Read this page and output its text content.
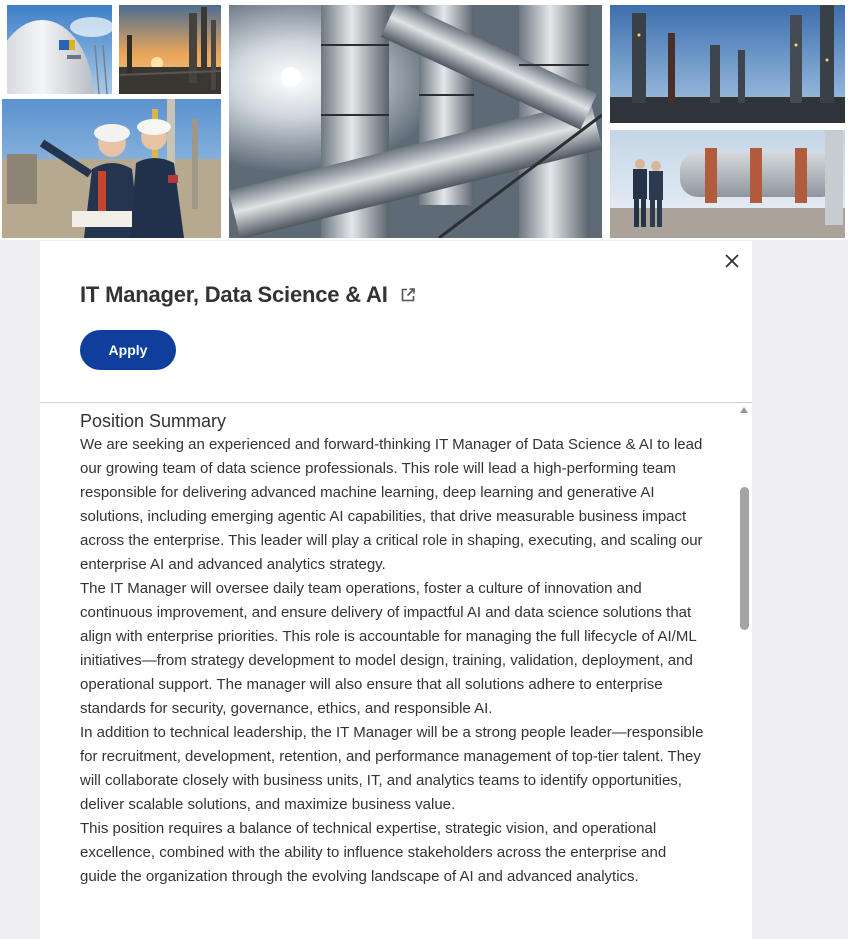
IT Manager, Data Science & AI
Apply
Position Summary

We are seeking an experienced and forward-thinking IT Manager of Data Science & AI to lead our growing team of data science professionals. This role will lead a high-performing team responsible for delivering advanced machine learning, deep learning and generative AI solutions, including emerging agentic AI capabilities, that drive measurable business impact across the enterprise. This leader will play a critical role in shaping, executing, and scaling our enterprise AI and advanced analytics strategy.

The IT Manager will oversee daily team operations, foster a culture of innovation and continuous improvement, and ensure delivery of impactful AI and data science solutions that align with enterprise priorities. This role is accountable for managing the full lifecycle of AI/ML initiatives—from strategy development to model design, training, validation, deployment, and operational support. The manager will also ensure that all solutions adhere to enterprise standards for security, governance, ethics, and responsible AI.

In addition to technical leadership, the IT Manager will be a strong people leader—responsible for recruitment, development, retention, and performance management of top-tier talent. They will collaborate closely with business units, IT, and analytics teams to identify opportunities, deliver scalable solutions, and maximize business value.

This position requires a balance of technical expertise, strategic vision, and operational excellence, combined with the ability to influence stakeholders across the enterprise and guide the organization through the evolving landscape of AI and advanced analytics.
